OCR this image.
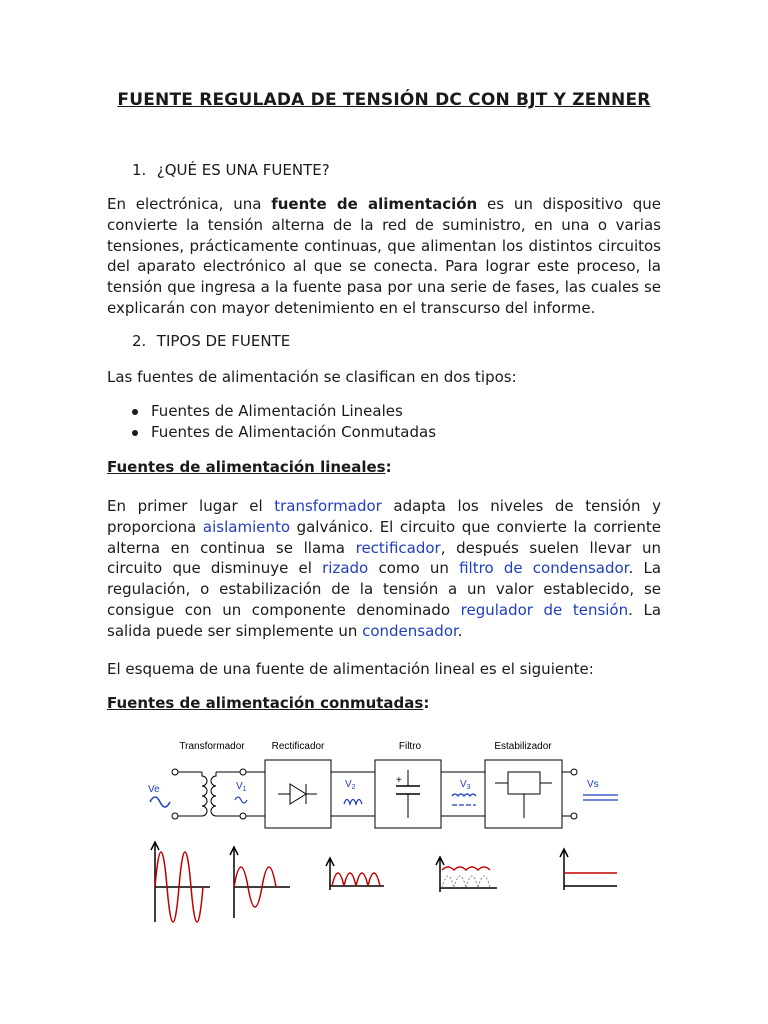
FUENTE REGULADA DE TENSIÓN DC CON BJT Y ZENNER
1. ¿QUÉ ES UNA FUENTE?

En electrónica, una fuente de alimentación es un dispositivo que convierte la tensión alterna de la red de suministro, en una o varias tensiones, prácticamente continuas, que alimentan los distintos circuitos del aparato electrónico al que se conecta. Para lograr este proceso, la tensión que ingresa a la fuente pasa por una serie de fases, las cuales se explicarán con mayor detenimiento en el transcurso del informe.

2. TIPOS DE FUENTE

Las fuentes de alimentación se clasifican en dos tipos:

Fuentes de Alimentación Lineales
Fuentes de Alimentación Conmutadas
Fuentes de alimentación lineales:

En primer lugar el transformador adapta los niveles de tensión y proporciona aislamiento galvánico. El circuito que convierte la corriente alterna en continua se llama rectificador, después suelen llevar un circuito que disminuye el rizado como un filtro de condensador. La regulación, o estabilización de la tensión a un valor establecido, se consigue con un componente denominado regulador de tensión. La salida puede ser simplemente un condensador.

El esquema de una fuente de alimentación lineal es el siguiente:

Fuentes de alimentación conmutadas:
Transformador	Rectificador	Filtro	Estabilizador
Ve	$V_1$	$V_2$
+	$V_3$	Vs
